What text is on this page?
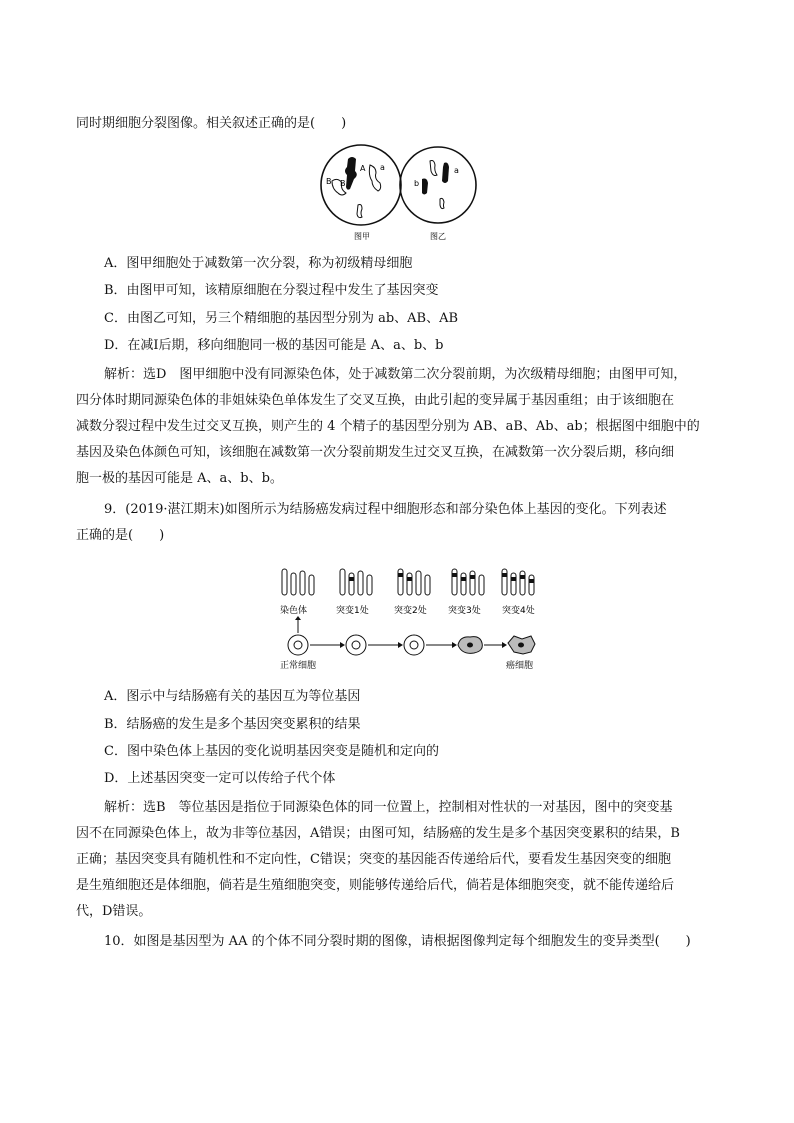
同时期细胞分裂图像。相关叙述正确的是(　　)
A a
B B
图甲
a
b
图乙
A．图甲细胞处于减数第一次分裂，称为初级精母细胞
B．由图甲可知，该精原细胞在分裂过程中发生了基因突变
C．由图乙可知，另三个精细胞的基因型分别为 ab、AB、AB
D．在减Ⅰ后期，移向细胞同一极的基因可能是 A、a、b、b
解析：选D　图甲细胞中没有同源染色体，处于减数第二次分裂前期，为次级精母细胞；由图甲可知，
四分体时期同源染色体的非姐妹染色单体发生了交叉互换，由此引起的变异属于基因重组；由于该细胞在
减数分裂过程中发生过交叉互换，则产生的 4 个精子的基因型分别为 AB、aB、Ab、ab；根据图中细胞中的
基因及染色体颜色可知，该细胞在减数第一次分裂前期发生过交叉互换，在减数第一次分裂后期，移向细
胞一极的基因可能是 A、a、b、b。
9．(2019·湛江期末)如图所示为结肠癌发病过程中细胞形态和部分染色体上基因的变化。下列表述
正确的是(　　)
染色体	突变1处	突变2处 突变3处 突变4处
正常细胞	癌细胞
A．图示中与结肠癌有关的基因互为等位基因
B．结肠癌的发生是多个基因突变累积的结果
C．图中染色体上基因的变化说明基因突变是随机和定向的
D．上述基因突变一定可以传给子代个体
解析：选B　等位基因是指位于同源染色体的同一位置上，控制相对性状的一对基因，图中的突变基
因不在同源染色体上，故为非等位基因，A错误；由图可知，结肠癌的发生是多个基因突变累积的结果，B
正确；基因突变具有随机性和不定向性，C错误；突变的基因能否传递给后代，要看发生基因突变的细胞
是生殖细胞还是体细胞，倘若是生殖细胞突变，则能够传递给后代，倘若是体细胞突变，就不能传递给后
代，D错误。
10．如图是基因型为 AA 的个体不同分裂时期的图像，请根据图像判定每个细胞发生的变异类型(　　)
